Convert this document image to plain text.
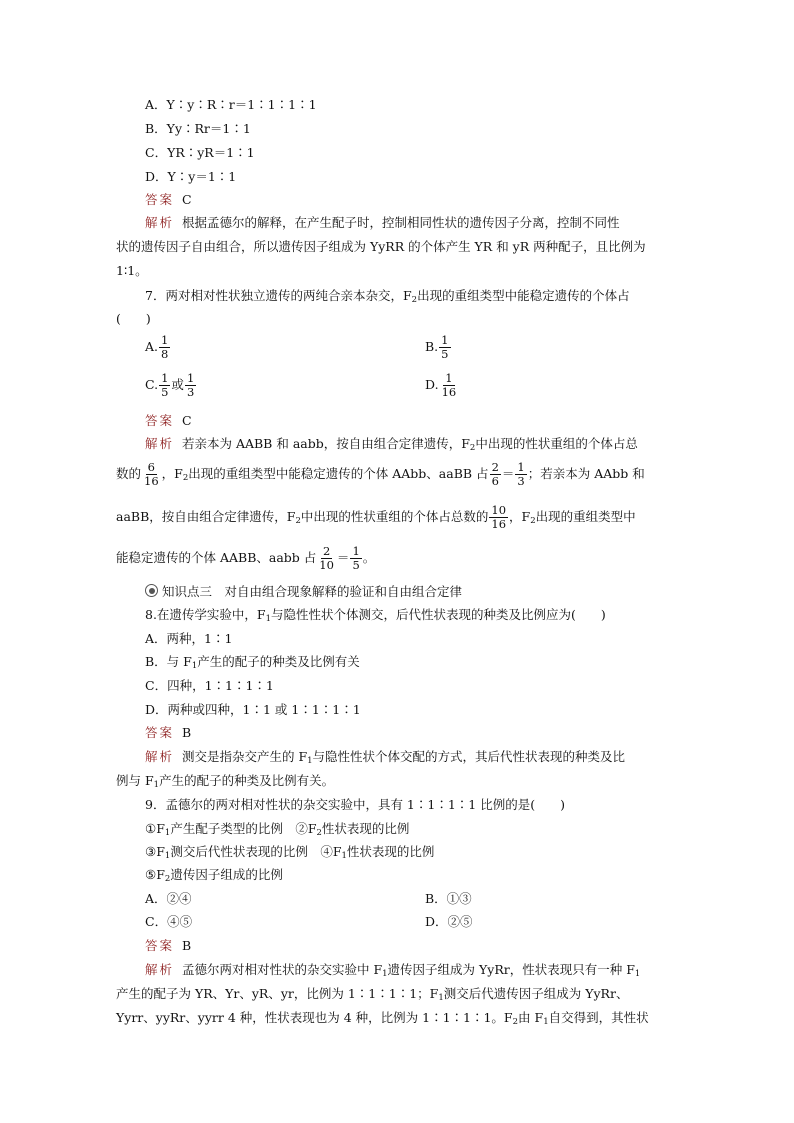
A．Y∶y∶R∶r＝1∶1∶1∶1
B．Yy∶Rr＝1∶1
C．YR∶yR＝1∶1
D．Y∶y＝1∶1
答案 C
解析 根据孟德尔的解释，在产生配子时，控制相同性状的遗传因子分离，控制不同性
状的遗传因子自由组合，所以遗传因子组成为 YyRR 的个体产生 YR 和 yR 两种配子，且比例为
1∶1。
7．两对相对性状独立遗传的两纯合亲本杂交，$F_2$出现的重组类型中能稳定遗传的个体占
(　　)
A. $\frac{1}{8}$	B. $\frac{1}{5}$
C. $\frac{1}{5}$ 或 $\frac{1}{3}$	D. $\frac{1}{16}$
答案 C
解析 若亲本为 AABB 和 aabb，按自由组合定律遗传，$F_2$中出现的性状重组的个体占总
数的 $\frac{6}{16}$ ，$F_2$出现的重组类型中能稳定遗传的个体 AAbb、aaBB 占 $\frac{2}{6} = \frac{1}{3}$ ；若亲本为 AAbb 和
aaBB，按自由组合定律遗传，$F_2$中出现的性状重组的个体占总数的 $\frac{10}{16}$ ，$F_2$出现的重组类型中
能稳定遗传的个体 AABB、aabb 占 $\frac{2}{10} = \frac{1}{5}$ 。
知识点三　对自由组合现象解释的验证和自由组合定律
8.在遗传学实验中，$F_1$与隐性性状个体测交，后代性状表现的种类及比例应为(　　)
A．两种，1∶1
B．与 $F_1$产生的配子的种类及比例有关
C．四种，1∶1∶1∶1
D．两种或四种，1∶1 或 1∶1∶1∶1
答案 B
解析 测交是指杂交产生的 $F_1$与隐性性状个体交配的方式，其后代性状表现的种类及比
例与 $F_1$产生的配子的种类及比例有关。
9．孟德尔的两对相对性状的杂交实验中，具有 1∶1∶1∶1 比例的是(　　)
$①F_1$产生配子类型的比例　$②F_2$性状表现的比例
$③F_1$测交后代性状表现的比例　$④F_1$性状表现的比例
$⑤F_2$遗传因子组成的比例
A．②④	B．①③
C．④⑤	D．②⑤
答案 B
解析 孟德尔两对相对性状的杂交实验中 $F_1$遗传因子组成为 YyRr，性状表现只有一种 $F_1$
产生的配子为 YR、Yr、yR、yr，比例为 1∶1∶1∶1；$F_1$测交后代遗传因子组成为 YyRr、
Yyrr、yyRr、yyrr 4 种，性状表现也为 4 种，比例为 1∶1∶1∶1。$F_2$由 $F_1$自交得到，其性状
